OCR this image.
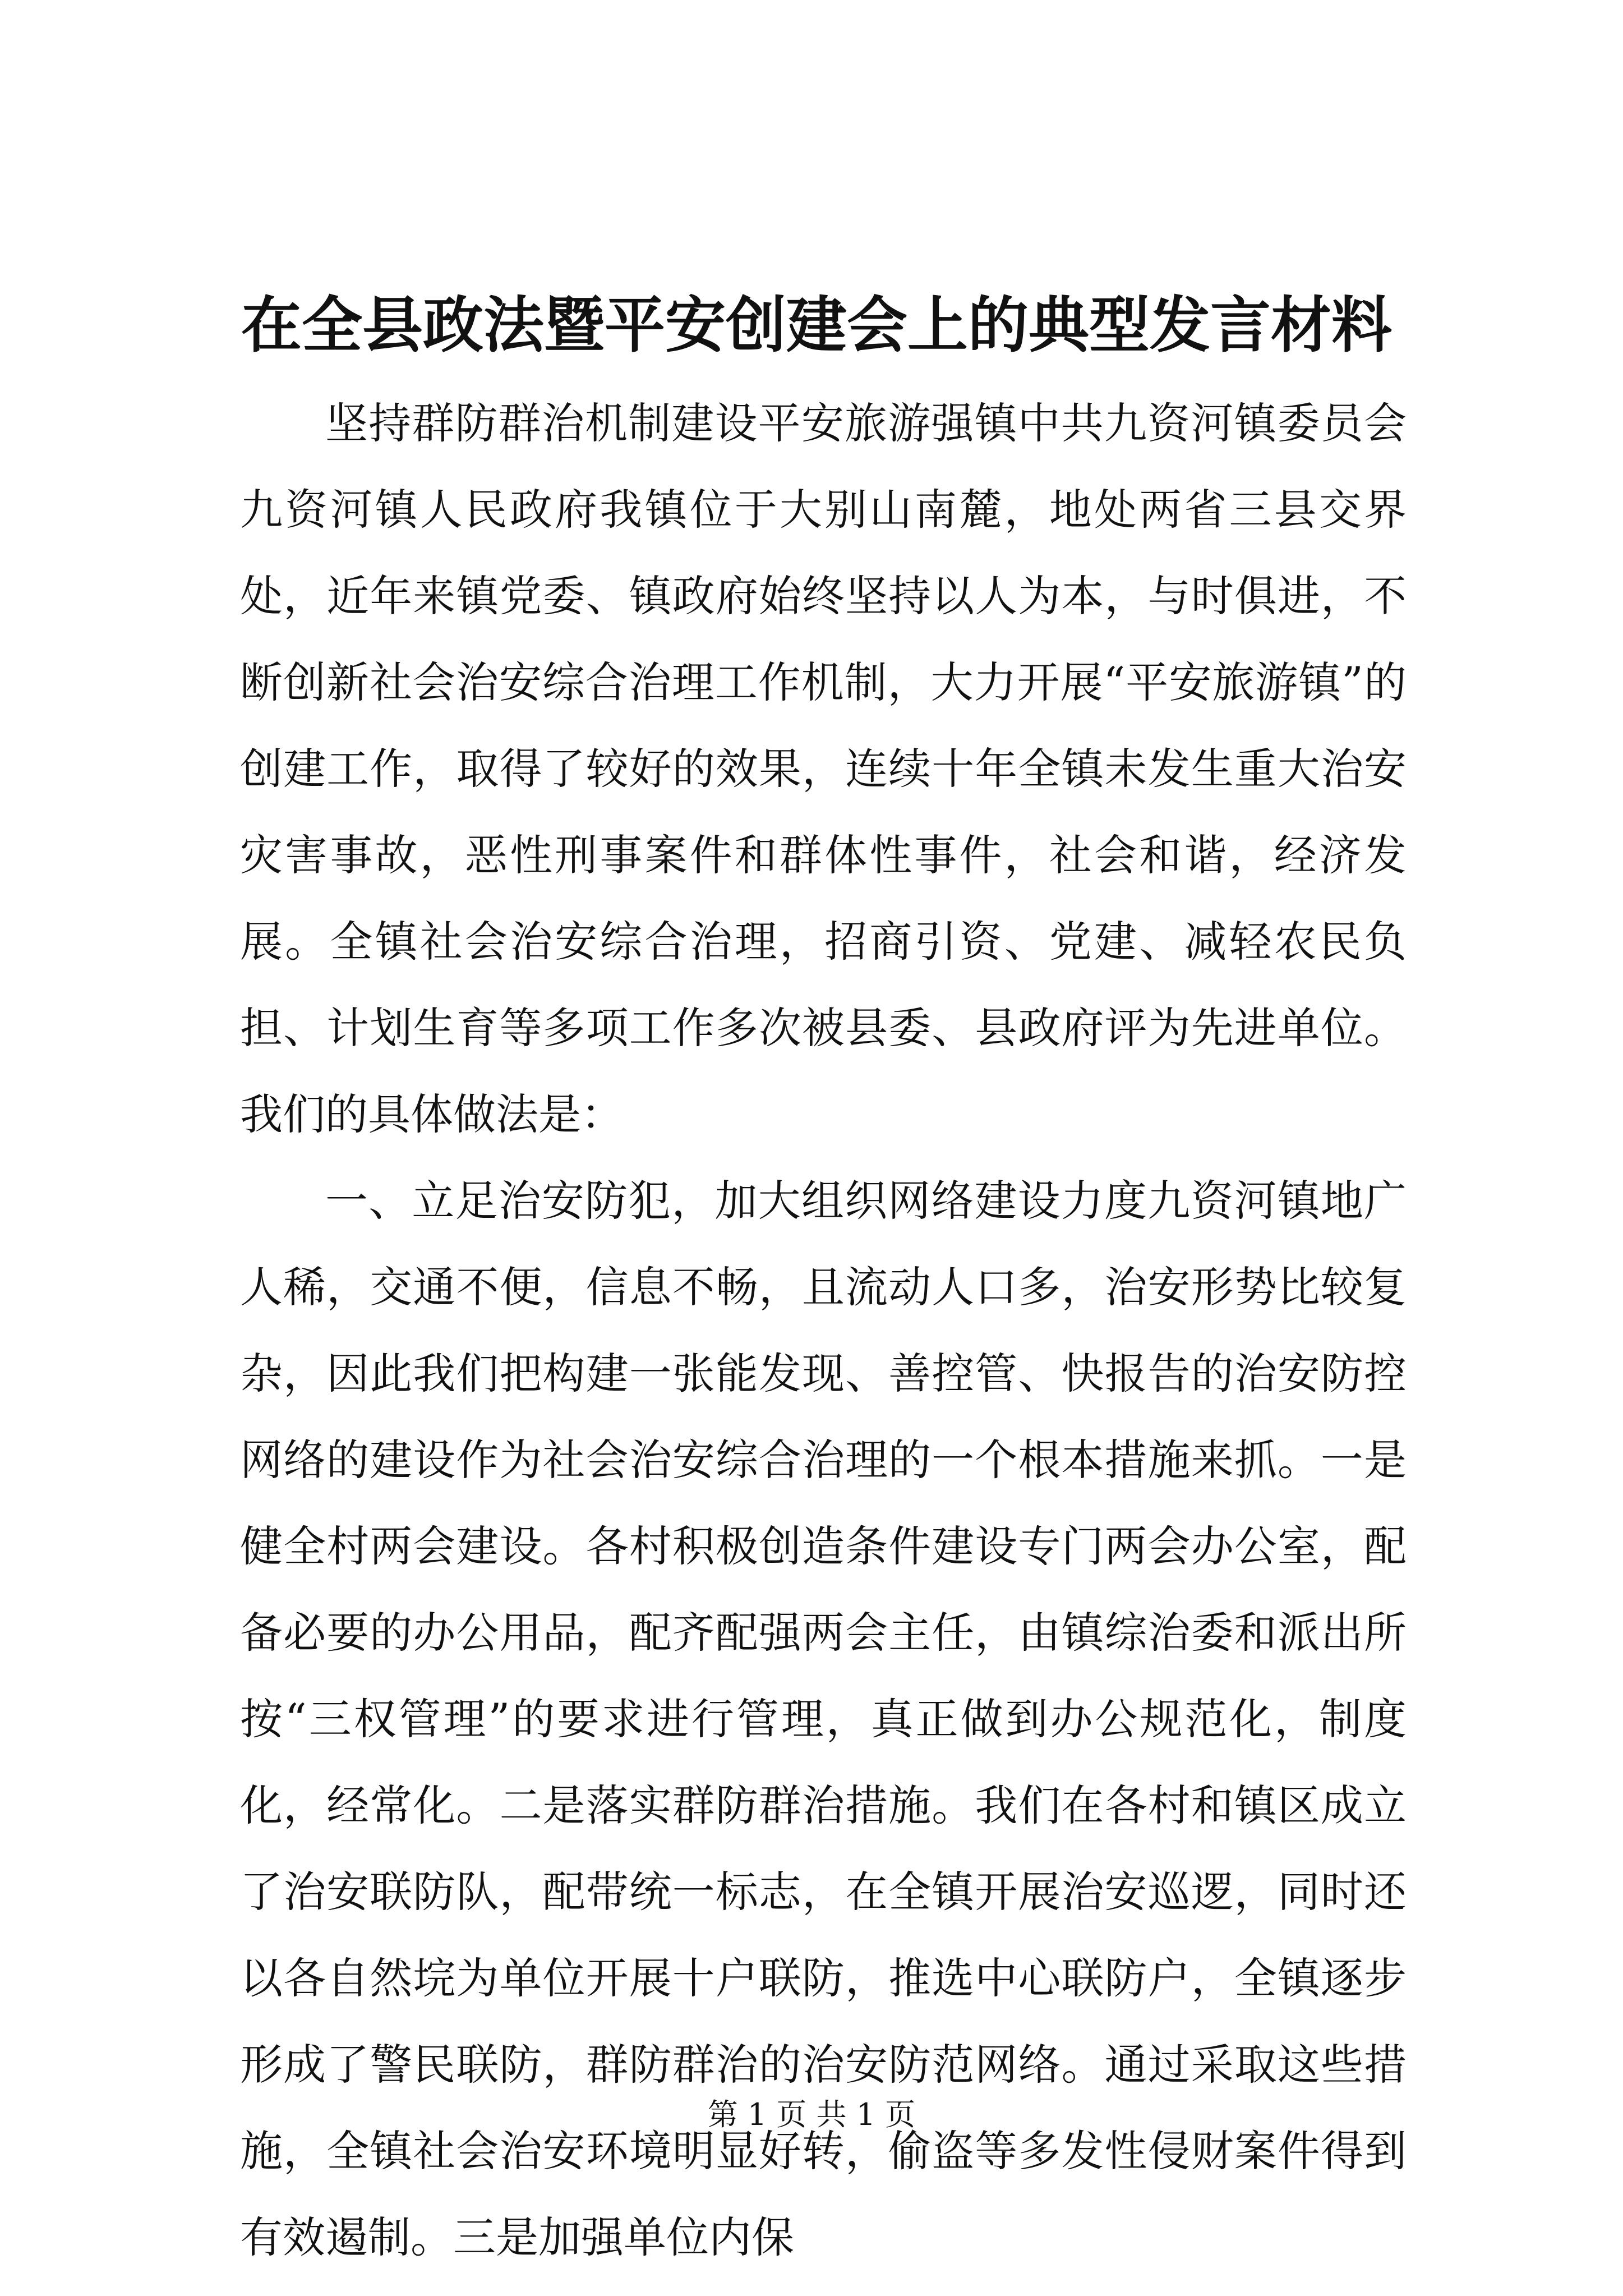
在全县政法暨平安创建会上的典型发言材料

坚持群防群治机制建设平安旅游强镇中共九资河镇委员会九资河镇人民政府我镇位于大别山南麓，地处两省三县交界处，近年来镇党委、镇政府始终坚持以人为本，与时俱进，不断创新社会治安综合治理工作机制，大力开展“平安旅游镇”的创建工作，取得了较好的效果，连续十年全镇未发生重大治安灾害事故，恶性刑事案件和群体性事件，社会和谐，经济发展。全镇社会治安综合治理，招商引资、党建、减轻农民负担、计划生育等多项工作多次被县委、县政府评为先进单位。我们的具体做法是：

一、立足治安防犯，加大组织网络建设力度九资河镇地广人稀，交通不便，信息不畅，且流动人口多，治安形势比较复杂，因此我们把构建一张能发现、善控管、快报告的治安防控网络的建设作为社会治安综合治理的一个根本措施来抓。一是健全村两会建设。各村积极创造条件建设专门两会办公室，配备必要的办公用品，配齐配强两会主任，由镇综治委和派出所按“三权管理”的要求进行管理，真正做到办公规范化，制度化，经常化。二是落实群防群治措施。我们在各村和镇区成立了治安联防队，配带统一标志，在全镇开展治安巡逻，同时还以各自然垸为单位开展十户联防，推选中心联防户，全镇逐步形成了警民联防，群防群治的治安防范网络。通过采取这些措施，全镇社会治安环境明显好转，偷盗等多发性侵财案件得到有效遏制。三是加强单位内保

第 1 页 共 1 页
